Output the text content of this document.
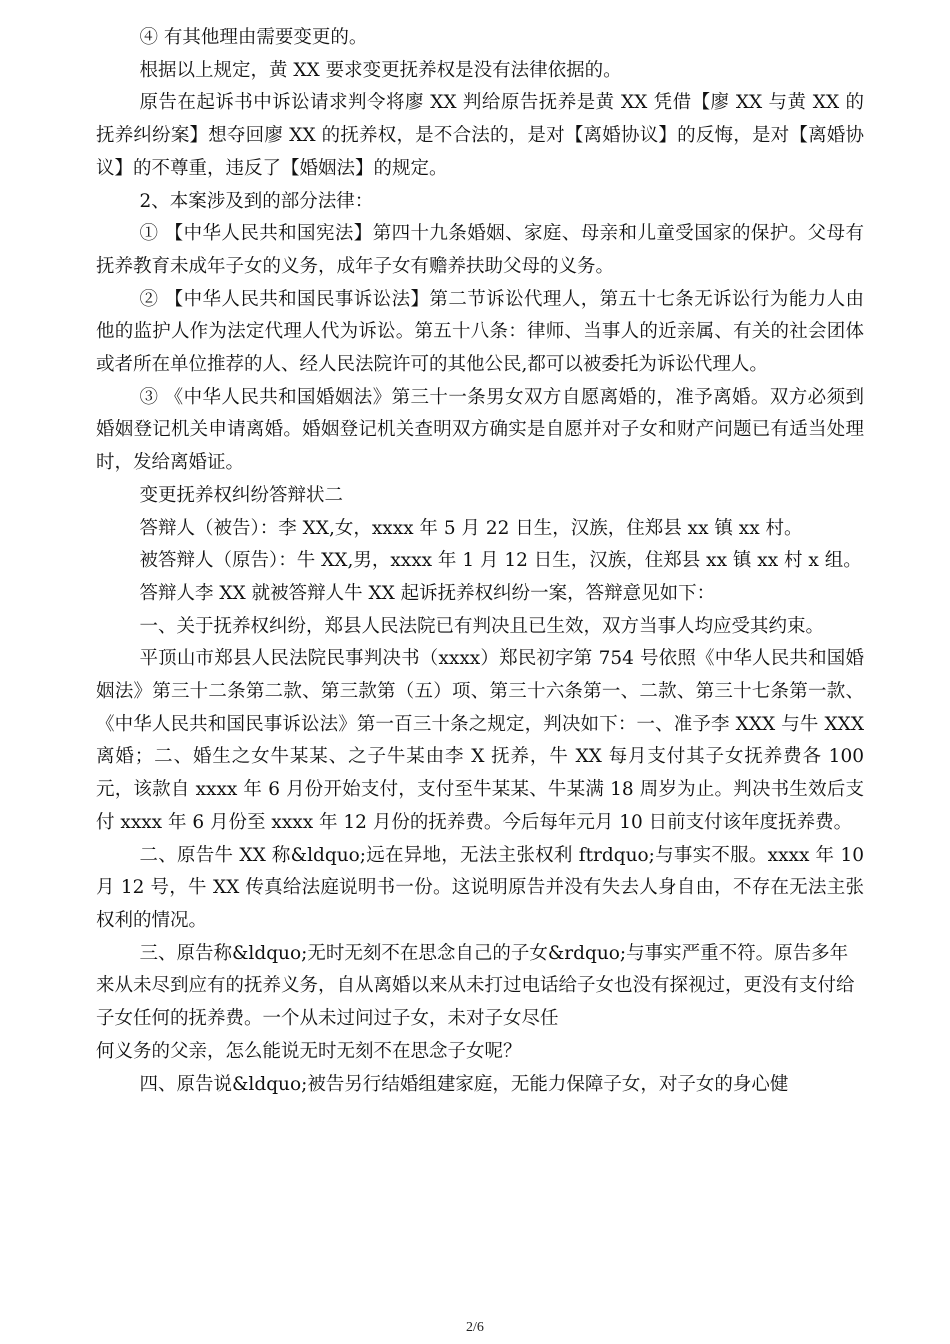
④ 有其他理由需要变更的。

根据以上规定，黄 XX 要求变更抚养权是没有法律依据的。

原告在起诉书中诉讼请求判令将廖 XX 判给原告抚养是黄 XX 凭借【廖 XX 与黄 XX 的抚养纠纷案】想夺回廖 XX 的抚养权，是不合法的，是对【离婚协议】的反悔，是对【离婚协议】的不尊重，违反了【婚姻法】的规定。

2、本案涉及到的部分法律：

① 【中华人民共和国宪法】第四十九条婚姻、家庭、母亲和儿童受国家的保护。父母有抚养教育未成年子女的义务，成年子女有赡养扶助父母的义务。

② 【中华人民共和国民事诉讼法】第二节诉讼代理人，第五十七条无诉讼行为能力人由他的监护人作为法定代理人代为诉讼。第五十八条：律师、当事人的近亲属、有关的社会团体或者所在单位推荐的人、经人民法院许可的其他公民,都可以被委托为诉讼代理人。

③ 《中华人民共和国婚姻法》第三十一条男女双方自愿离婚的，准予离婚。双方必须到婚姻登记机关申请离婚。婚姻登记机关查明双方确实是自愿并对子女和财产问题已有适当处理时，发给离婚证。

变更抚养权纠纷答辩状二

答辩人（被告）：李 XX,女，xxxx 年 5 月 22 日生，汉族，住郑县 xx 镇 xx 村。

被答辩人（原告）：牛 XX,男，xxxx 年 1 月 12 日生，汉族，住郑县 xx 镇 xx 村 x 组。

答辩人李 XX 就被答辩人牛 XX 起诉抚养权纠纷一案，答辩意见如下：

一、关于抚养权纠纷，郑县人民法院已有判决且已生效，双方当事人均应受其约束。

平顶山市郑县人民法院民事判决书（xxxx）郑民初字第 754 号依照《中华人民共和国婚姻法》第三十二条第二款、第三款第（五）项、第三十六条第一、二款、第三十七条第一款、《中华人民共和国民事诉讼法》第一百三十条之规定，判决如下：一、准予李 XXX 与牛 XXX 离婚；二、婚生之女牛某某、之子牛某由李 X 抚养，牛 XX 每月支付其子女抚养费各 100 元，该款自 xxxx 年 6 月份开始支付，支付至牛某某、牛某满 18 周岁为止。判决书生效后支付 xxxx 年 6 月份至 xxxx 年 12 月份的抚养费。今后每年元月 10 日前支付该年度抚养费。

二、原告牛 XX 称&ldquo;远在异地，无法主张权利 ftrdquo;与事实不服。xxxx 年 10 月 12 号，牛 XX 传真给法庭说明书一份。这说明原告并没有失去人身自由，不存在无法主张权利的情况。

三、原告称&ldquo;无时无刻不在思念自己的子女&rdquo;与事实严重不符。原告多年来从未尽到应有的抚养义务，自从离婚以来从未打过电话给子女也没有探视过，更没有支付给子女任何的抚养费。一个从未过问过子女，未对子女尽任
何义务的父亲，怎么能说无时无刻不在思念子女呢？

四、原告说&ldquo;被告另行结婚组建家庭，无能力保障子女，对子女的身心健

2/6
